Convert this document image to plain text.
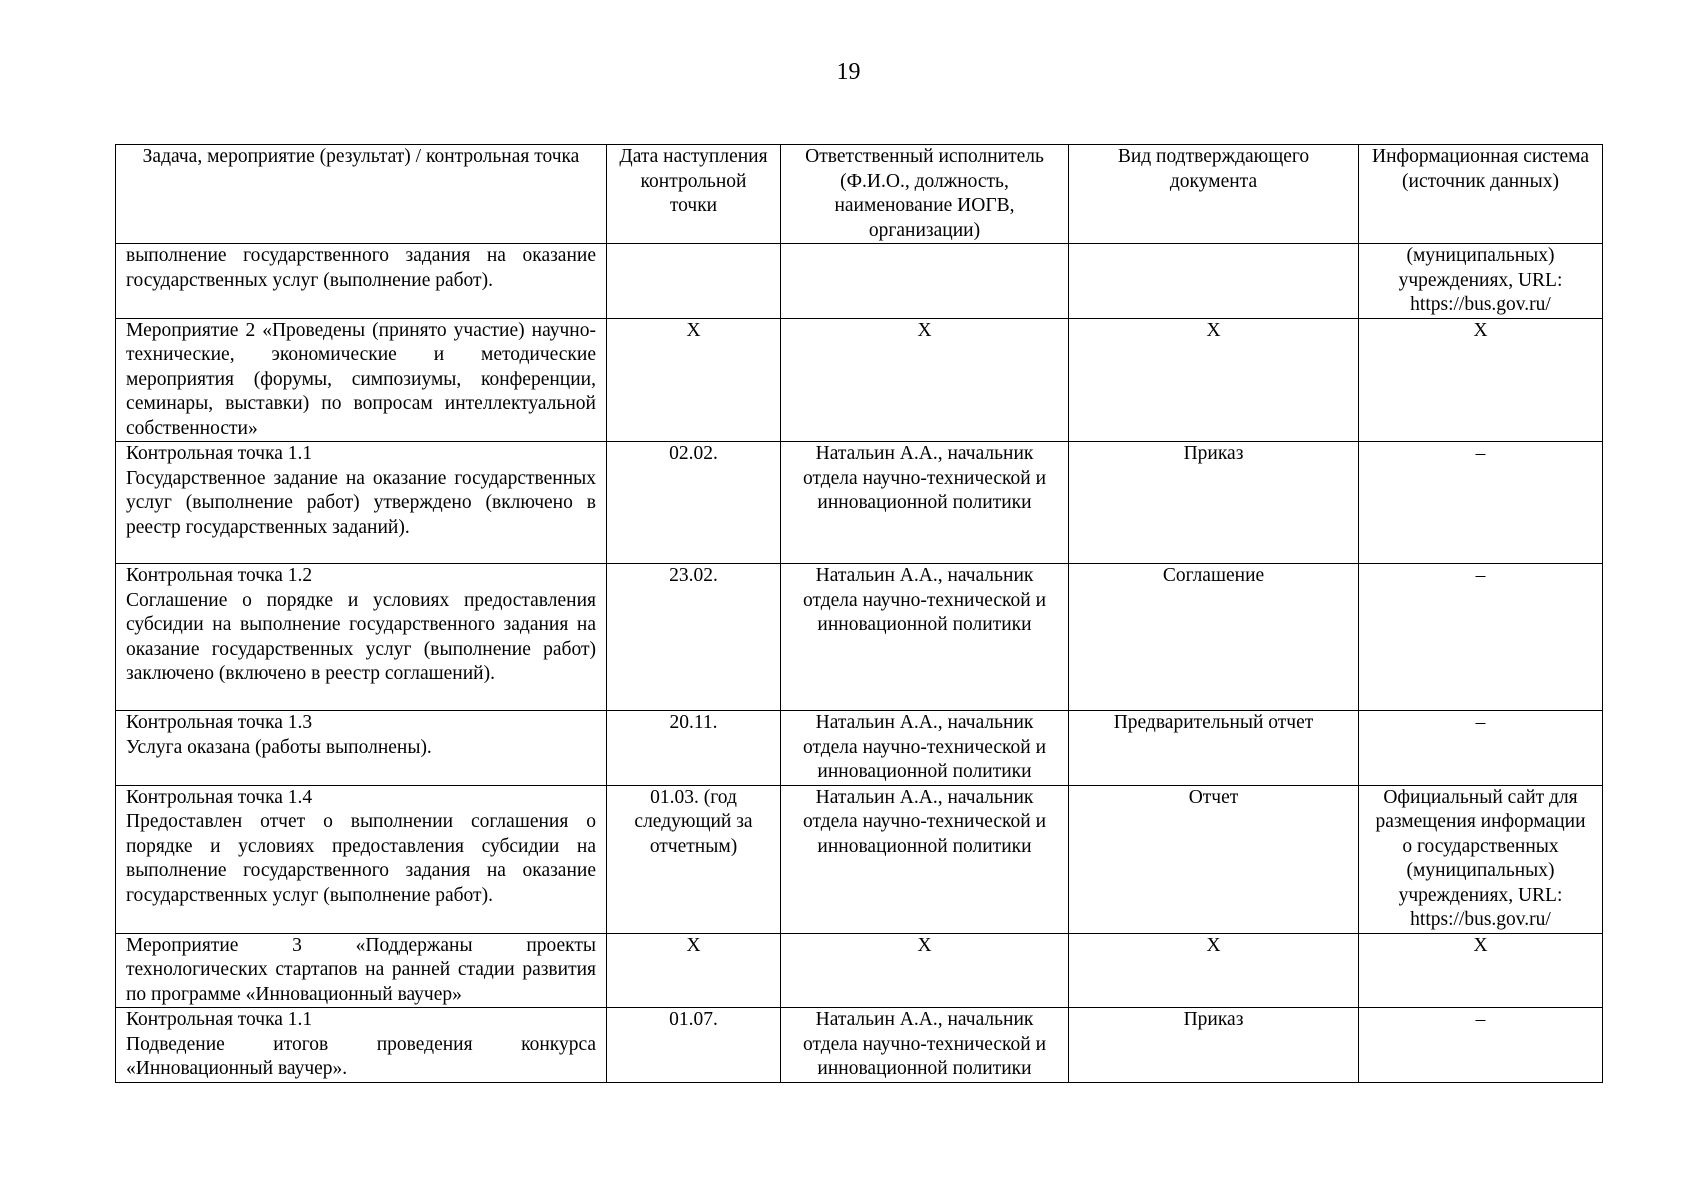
19
Задача, мероприятие (результат) / контрольная точка	Дата наступления контрольной точки	Ответственный исполнитель (Ф.И.О., должность, наименование ИОГВ, организации)	Вид подтверждающего документа	Информационная система (источник данных)

выполнение государственного задания на оказание государственных услуг (выполнение работ).				(муниципальных) учреждениях, URL: https://bus.gov.ru/

Мероприятие 2 «Проведены (принято участие) научно-технические, экономические и методические мероприятия (форумы, симпозиумы, конференции, семинары, выставки) по вопросам интеллектуальной собственности»	Х	Х	Х	Х

Контрольная точка 1.1
Государственное задание на оказание государственных услуг (выполнение работ) утверждено (включено в реестр государственных заданий).	02.02.	Натальин А.А., начальник отдела научно-технической и инновационной политики	Приказ	–

Контрольная точка 1.2
Соглашение о порядке и условиях предоставления субсидии на выполнение государственного задания на оказание государственных услуг (выполнение работ) заключено (включено в реестр соглашений).	23.02.	Натальин А.А., начальник отдела научно-технической и инновационной политики	Соглашение	–

Контрольная точка 1.3
Услуга оказана (работы выполнены).	20.11.	Натальин А.А., начальник отдела научно-технической и инновационной политики	Предварительный отчет	–

Контрольная точка 1.4
Предоставлен отчет о выполнении соглашения о порядке и условиях предоставления субсидии на выполнение государственного задания на оказание государственных услуг (выполнение работ).	01.03. (год следующий за отчетным)	Натальин А.А., начальник отдела научно-технической и инновационной политики	Отчет	Официальный сайт для размещения информации о государственных (муниципальных) учреждениях, URL: https://bus.gov.ru/

Мероприятие 3 «Поддержаны проекты технологических стартапов на ранней стадии развития по программе «Инновационный ваучер»	Х	Х	Х	Х

Контрольная точка 1.1
Подведение итогов проведения конкурса «Инновационный ваучер».	01.07.	Натальин А.А., начальник отдела научно-технической и инновационной политики	Приказ	–
